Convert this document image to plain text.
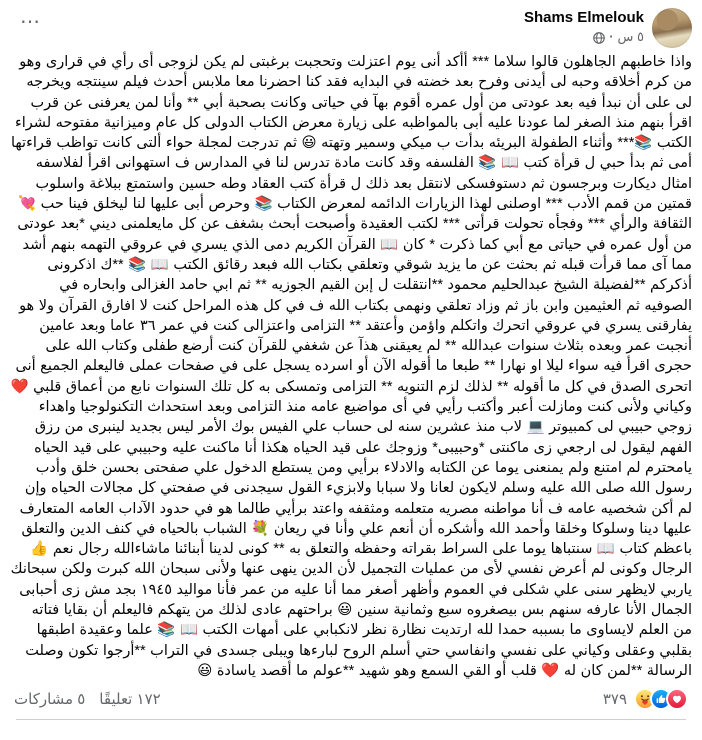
Shams Elmelouk
٥ س
·
⋯
واذا خاطبهم الجاهلون قالوا سلاما *** أأكد أنى يوم اعتزلت وتحجبت برغبتى لم يكن لزوجى أى رأي في قرارى وهو من كرم أخلاقه وحبه لى أيدنى وفرح بعد خضته في البدايه فقد كنا احضرنا معا ملابس أحدث فيلم سينتجه ويخرجه لى على أن نبدأ فيه بعد عودتى من أول عمره أقوم بهآ في حياتى وكانت بصحبة أبي ** وأنا لمن يعرفنى عن قرب اقرأ بنهم منذ الصغر لما عودنا عليه أبى بالمواظبه على زيارة معرض الكتاب الدولى كل عام وميزانية مفتوحه لشراء الكتب 📚*** وأثناء الطفولة البريئه بدأت ب ميكي وسمير وتهته 😃 ثم تدرجت لمجلة حواء ألتى كانت تواظب قراءتها أمى ثم بدأ حبي ل قرأة كتب 📖 📚 الفلسفه وقد كانت مادة تدرس لنا في المدارس ف استهوانى اقرأ لفلاسفه امثال ديكارت وبرجسون ثم دستوفسكى لانتقل بعد ذلك ل قرأة كتب العقاد وطه حسين واستمتع ببلاغة واسلوب قمتين من قمم الأدب *** اوصلنى لهذا الزيارات الدائمه لمعرض الكتاب 📚 وحرص أبى عليها لنا ليخلق فينا حب 💘 الثقافة والرأي *** وفجأه تحولت قرأتى *** لكتب العقيدة وأصبحت أبحث بشغف عن كل مايعلمنى ديني *بعد عودتى من أول عمره في حياتى مع أبي كما ذكرت * كان 📖 القرآن الكريم دمى الذي يسري في عروقي التهمه بنهم أشد مما آى مما قرأت قبله ثم بحثت عن ما يزيد شوقي وتعلقي بكتاب الله فبعد رقائق الكتب 📖 📚 **ك اذكرونى أذكركم **لفضيلة الشيخ عبدالحليم محمود **انتقلت ل إبن القيم الجوزيه ** ثم ابي حامد الغزالى وابحاره في الصوفيه ثم العثيمين وابن باز ثم وزاد تعلقي ونهمى بكتاب الله ف في كل هذه المراحل كنت لا افارق القرآن ولا هو يفارقنى يسري في عروقي اتحرك واتكلم واؤمن وأعتقد ** التزامى واعتزالى كنت في عمر ٣٦ عاما وبعد عامين أنجبت عمر وبعده بثلاث سنوات عبدالله ** لم يعيقنى هذآ عن شغفي للقرآن كنت أرضع طفلى وكتاب الله على حجرى اقرأ فيه سواء ليلا او نهارا ** طبعا ما أقوله الآن أو اسرده يسجل على في صفحات عملى فاليعلم الجميع أنى اتحرى الصدق في كل ما أقوله ** لذلك لزم التنويه ** التزامى وتمسكى به كل تلك السنوات نابع من أعماق قلبي ❤️ وكياني ولأنى كنت ومازلت أعبر وأكتب رأيي في أى مواضيع عامه منذ التزامى وبعد استحداث التكنولوجيا واهداء زوجي حبيبي لى كمبيوتر 💻 لاب منذ عشرين سنه لى حساب علي الفيس بوك الأمر ليس بجديد لينبرى من رزق الفهم ليقول لى ارجعي زى ماكنتى *وحبيبى* وزوجك على قيد الحياه هكذا أنا ماكنت عليه وحبيبي على قيد الحياه يامحترم لم امتنع ولم يمنعنى يوما عن الكتابه والادلاء برأيي ومن يستطع الدخول علي صفحتى بحسن خلق وأدب رسول الله صلى الله عليه وسلم لايكون لعانا ولا سبابا ولابزيء القول سيجدنى في صفحتي كل مجالات الحياه وإن لم أكن شخصيه عامه ف أنا مواطنه مصريه متعلمه ومثقفه واعتد برأيي طالما هو في حدود الآداب العامه المتعارف عليها دينا وسلوكا وخلقا وأحمد الله وأشكره أن أنعم علي وأنا في ريعان 💐 الشباب بالحياه في كنف الدين والتعلق باعظم كتاب 📖 سنتباها يوما على السراط بقراته وحفظه والتعلق به ** كونى لدينا أبنائنا ماشاءالله رجال نعم 👍 الرجال وكونى لم أعرض نفسي لأى من عمليات التجميل لأن الدين ينهى عنها ولأنى سبحان الله كبرت ولكن سبحانك ياربي لايظهر سنى علي شكلى في العموم وأظهر أصغر مما أنا عليه من عمر فأنا مواليد ١٩٤٥ بجد مش زى أحبابى الجمال الأنا عارفه سنهم بس بيصغروه سبع وثمانية سنين 😃 براحتهم عادى لذلك من يتهكم فاليعلم أن بقايا فتاته من العلم لايساوى ما بسببه حمدا لله ارتديت نظارة نظر لانكبابي على أمهات الكتب 📖 📚 علما وعقيدة اطبقها بقلبي وعقلى وكياني على نفسي وانفاسي حتي أسلم الروح لبارءها ويبلى جسدى في التراب **أرجوا تكون وصلت الرسالة **لمن كان له ❤️ قلب أو القي السمع وهو شهيد **عولم ما أقصد ياسادة 😃
٣٧٩
١٧٢ تعليقًا
٥ مشاركات
